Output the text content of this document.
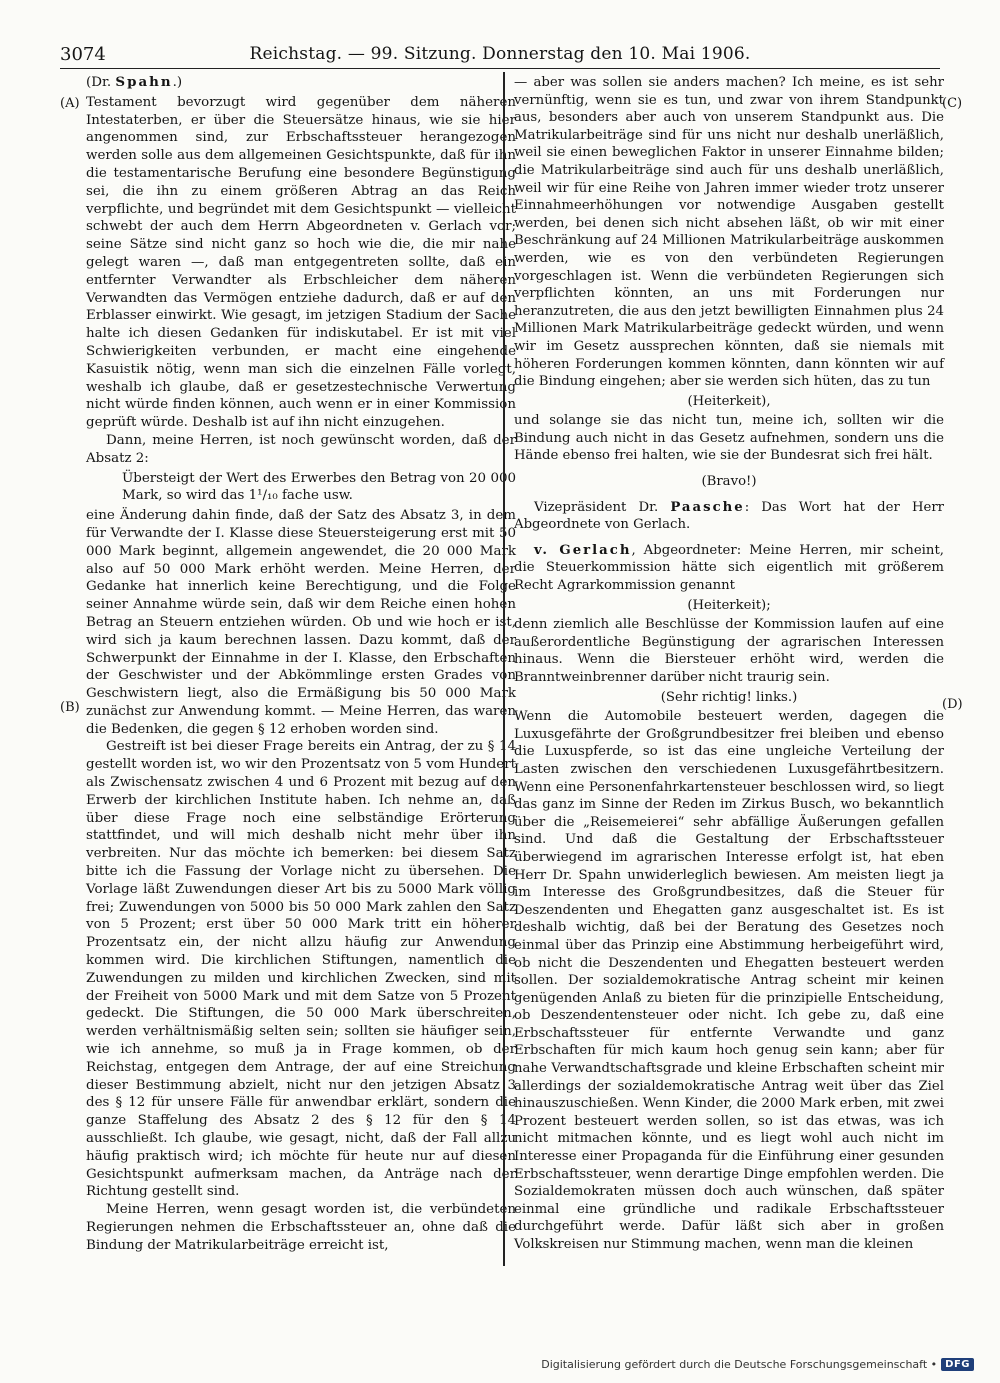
3074	Reichstag. — 99. Sitzung. Donnerstag den 10. Mai 1906.
(A)
(B)
(C)
(D)
(Dr. Spahn.)

Testament bevorzugt wird gegenüber dem näheren Intestaterben, er über die Steuersätze hinaus, wie sie hier angenommen sind, zur Erbschaftssteuer herangezogen werden solle aus dem allgemeinen Gesichtspunkte, daß für ihn die testamentarische Berufung eine besondere Begünstigung sei, die ihn zu einem größeren Abtrag an das Reich verpflichte, und begründet mit dem Gesichtspunkt — vielleicht schwebt der auch dem Herrn Abgeordneten v. Gerlach vor; seine Sätze sind nicht ganz so hoch wie die, die mir nahe gelegt waren —, daß man entgegentreten sollte, daß ein entfernter Verwandter als Erbschleicher dem näheren Verwandten das Vermögen entziehe dadurch, daß er auf den Erblasser einwirkt. Wie gesagt, im jetzigen Stadium der Sache halte ich diesen Gedanken für indiskutabel. Er ist mit viel Schwierigkeiten verbunden, er macht eine eingehende Kasuistik nötig, wenn man sich die einzelnen Fälle vorlegt, weshalb ich glaube, daß er gesetzestechnische Verwertung nicht würde finden können, auch wenn er in einer Kommission geprüft würde. Deshalb ist auf ihn nicht einzugehen.

Dann, meine Herren, ist noch gewünscht worden, daß der Absatz 2:

Übersteigt der Wert des Erwerbes den Betrag von 20 000 Mark, so wird das 1¹/₁₀ fache usw.

eine Änderung dahin finde, daß der Satz des Absatz 3, in dem für Verwandte der I. Klasse diese Steuersteigerung erst mit 50 000 Mark beginnt, allgemein angewendet, die 20 000 Mark also auf 50 000 Mark erhöht werden. Meine Herren, der Gedanke hat innerlich keine Berechtigung, und die Folge seiner Annahme würde sein, daß wir dem Reiche einen hohen Betrag an Steuern entziehen würden. Ob und wie hoch er ist, wird sich ja kaum berechnen lassen. Dazu kommt, daß der Schwerpunkt der Einnahme in der I. Klasse, den Erbschaften der Geschwister und der Abkömmlinge ersten Grades von Geschwistern liegt, also die Ermäßigung bis 50 000 Mark zunächst zur Anwendung kommt. — Meine Herren, das waren die Bedenken, die gegen § 12 erhoben worden sind.

Gestreift ist bei dieser Frage bereits ein Antrag, der zu § 14 gestellt worden ist, wo wir den Prozentsatz von 5 vom Hundert als Zwischensatz zwischen 4 und 6 Prozent mit bezug auf den Erwerb der kirchlichen Institute haben. Ich nehme an, daß über diese Frage noch eine selbständige Erörterung stattfindet, und will mich deshalb nicht mehr über ihn verbreiten. Nur das möchte ich bemerken: bei diesem Satz bitte ich die Fassung der Vorlage nicht zu übersehen. Die Vorlage läßt Zuwendungen dieser Art bis zu 5000 Mark völlig frei; Zuwendungen von 5000 bis 50 000 Mark zahlen den Satz von 5 Prozent; erst über 50 000 Mark tritt ein höherer Prozentsatz ein, der nicht allzu häufig zur Anwendung kommen wird. Die kirchlichen Stiftungen, namentlich die Zuwendungen zu milden und kirchlichen Zwecken, sind mit der Freiheit von 5000 Mark und mit dem Satze von 5 Prozent gedeckt. Die Stiftungen, die 50 000 Mark überschreiten, werden verhältnismäßig selten sein; sollten sie häufiger sein, wie ich annehme, so muß ja in Frage kommen, ob der Reichstag, entgegen dem Antrage, der auf eine Streichung dieser Bestimmung abzielt, nicht nur den jetzigen Absatz 3 des § 12 für unsere Fälle für anwendbar erklärt, sondern die ganze Staffelung des Absatz 2 des § 12 für den § 14 ausschließt. Ich glaube, wie gesagt, nicht, daß der Fall allzu häufig praktisch wird; ich möchte für heute nur auf diesen Gesichtspunkt aufmerksam machen, da Anträge nach der Richtung gestellt sind.

Meine Herren, wenn gesagt worden ist, die verbündeten Regierungen nehmen die Erbschaftssteuer an, ohne daß die Bindung der Matrikularbeiträge erreicht ist,

— aber was sollen sie anders machen? Ich meine, es ist sehr vernünftig, wenn sie es tun, und zwar von ihrem Standpunkt aus, besonders aber auch von unserem Standpunkt aus. Die Matrikularbeiträge sind für uns nicht nur deshalb unerläßlich, weil sie einen beweglichen Faktor in unserer Einnahme bilden; die Matrikularbeiträge sind auch für uns deshalb unerläßlich, weil wir für eine Reihe von Jahren immer wieder trotz unserer Einnahmeerhöhungen vor notwendige Ausgaben gestellt werden, bei denen sich nicht absehen läßt, ob wir mit einer Beschränkung auf 24 Millionen Matrikularbeiträge auskommen werden, wie es von den verbündeten Regierungen vorgeschlagen ist. Wenn die verbündeten Regierungen sich verpflichten könnten, an uns mit Forderungen nur heranzutreten, die aus den jetzt bewilligten Einnahmen plus 24 Millionen Mark Matrikularbeiträge gedeckt würden, und wenn wir im Gesetz aussprechen könnten, daß sie niemals mit höheren Forderungen kommen könnten, dann könnten wir auf die Bindung eingehen; aber sie werden sich hüten, das zu tun

(Heiterkeit),

und solange sie das nicht tun, meine ich, sollten wir die Bindung auch nicht in das Gesetz aufnehmen, sondern uns die Hände ebenso frei halten, wie sie der Bundesrat sich frei hält.

(Bravo!)

Vizepräsident Dr. Paasche: Das Wort hat der Herr Abgeordnete von Gerlach.

v. Gerlach, Abgeordneter: Meine Herren, mir scheint, die Steuerkommission hätte sich eigentlich mit größerem Recht Agrarkommission genannt

(Heiterkeit);

denn ziemlich alle Beschlüsse der Kommission laufen auf eine außerordentliche Begünstigung der agrarischen Interessen hinaus. Wenn die Biersteuer erhöht wird, werden die Branntweinbrenner darüber nicht traurig sein.

(Sehr richtig! links.)

Wenn die Automobile besteuert werden, dagegen die Luxusgefährte der Großgrundbesitzer frei bleiben und ebenso die Luxuspferde, so ist das eine ungleiche Verteilung der Lasten zwischen den verschiedenen Luxusgefährtbesitzern. Wenn eine Personenfahrkartensteuer beschlossen wird, so liegt das ganz im Sinne der Reden im Zirkus Busch, wo bekanntlich über die „Reisemeierei“ sehr abfällige Äußerungen gefallen sind. Und daß die Gestaltung der Erbschaftssteuer überwiegend im agrarischen Interesse erfolgt ist, hat eben Herr Dr. Spahn unwiderleglich bewiesen. Am meisten liegt ja im Interesse des Großgrundbesitzes, daß die Steuer für Deszendenten und Ehegatten ganz ausgeschaltet ist. Es ist deshalb wichtig, daß bei der Beratung des Gesetzes noch einmal über das Prinzip eine Abstimmung herbeigeführt wird, ob nicht die Deszendenten und Ehegatten besteuert werden sollen. Der sozialdemokratische Antrag scheint mir keinen genügenden Anlaß zu bieten für die prinzipielle Entscheidung, ob Deszendentensteuer oder nicht. Ich gebe zu, daß eine Erbschaftssteuer für entfernte Verwandte und ganz Erbschaften für mich kaum hoch genug sein kann; aber für nahe Verwandtschaftsgrade und kleine Erbschaften scheint mir allerdings der sozialdemokratische Antrag weit über das Ziel hinauszuschießen. Wenn Kinder, die 2000 Mark erben, mit zwei Prozent besteuert werden sollen, so ist das etwas, was ich nicht mitmachen könnte, und es liegt wohl auch nicht im Interesse einer Propaganda für die Einführung einer gesunden Erbschaftssteuer, wenn derartige Dinge empfohlen werden. Die Sozialdemokraten müssen doch auch wünschen, daß später einmal eine gründliche und radikale Erbschaftssteuer durchgeführt werde. Dafür läßt sich aber in großen Volkskreisen nur Stimmung machen, wenn man die kleinen

Digitalisierung gefördert durch die Deutsche Forschungsgemeinschaft • DFG
